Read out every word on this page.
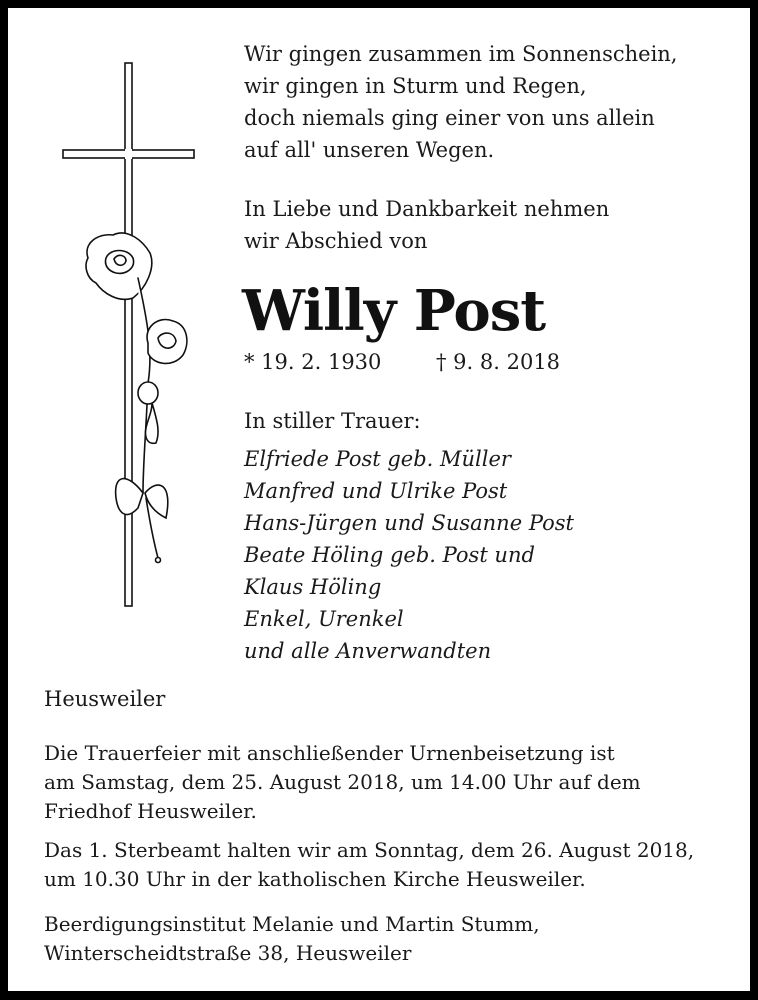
Wir gingen zusammen im Sonnenschein,
wir gingen in Sturm und Regen,
doch niemals ging einer von uns allein
auf all' unseren Wegen.
In Liebe und Dankbarkeit nehmen
wir Abschied von
Willy Post
* 19. 2. 1930	† 9. 8. 2018
In stiller Trauer:
Elfriede Post geb. Müller
Manfred und Ulrike Post
Hans-Jürgen und Susanne Post
Beate Höling geb. Post und
Klaus Höling
Enkel, Urenkel
und alle Anverwandten
Heusweiler
Die Trauerfeier mit anschließender Urnenbeisetzung ist
am Samstag, dem 25. August 2018, um 14.00 Uhr auf dem
Friedhof Heusweiler.
Das 1. Sterbeamt halten wir am Sonntag, dem 26. August 2018,
um 10.30 Uhr in der katholischen Kirche Heusweiler.
Beerdigungsinstitut Melanie und Martin Stumm,
Winterscheidtstraße 38, Heusweiler
